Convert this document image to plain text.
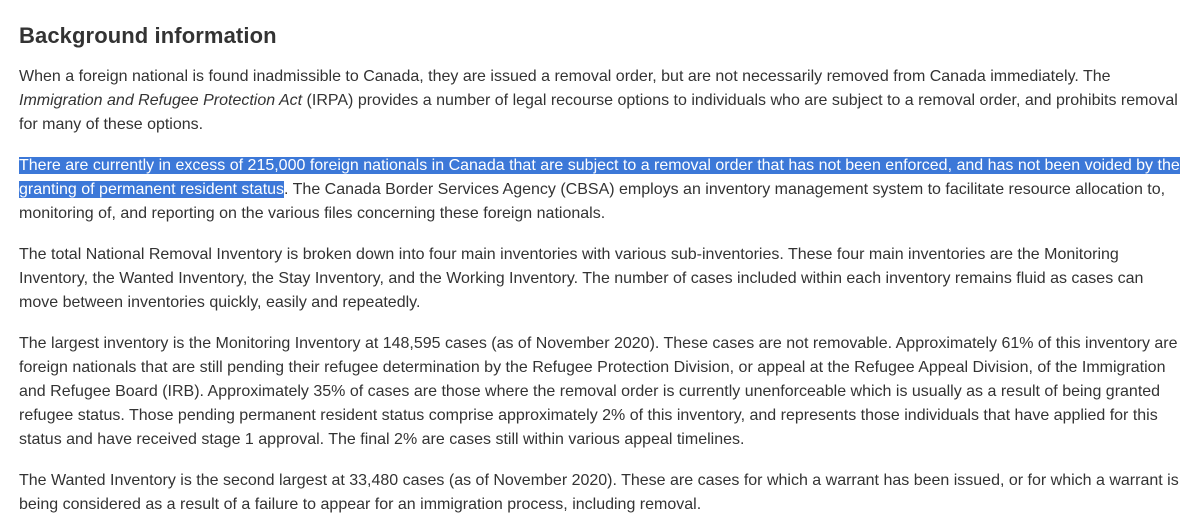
Background information

When a foreign national is found inadmissible to Canada, they are issued a removal order, but are not necessarily removed from Canada immediately. The Immigration and Refugee Protection Act (IRPA) provides a number of legal recourse options to individuals who are subject to a removal order, and prohibits removal for many of these options.

There are currently in excess of 215,000 foreign nationals in Canada that are subject to a removal order that has not been enforced, and has not been voided by the granting of permanent resident status. The Canada Border Services Agency (CBSA) employs an inventory management system to facilitate resource allocation to, monitoring of, and reporting on the various files concerning these foreign nationals.

The total National Removal Inventory is broken down into four main inventories with various sub-inventories. These four main inventories are the Monitoring Inventory, the Wanted Inventory, the Stay Inventory, and the Working Inventory. The number of cases included within each inventory remains fluid as cases can move between inventories quickly, easily and repeatedly.

The largest inventory is the Monitoring Inventory at 148,595 cases (as of November 2020). These cases are not removable. Approximately 61% of this inventory are foreign nationals that are still pending their refugee determination by the Refugee Protection Division, or appeal at the Refugee Appeal Division, of the Immigration and Refugee Board (IRB). Approximately 35% of cases are those where the removal order is currently unenforceable which is usually as a result of being granted refugee status. Those pending permanent resident status comprise approximately 2% of this inventory, and represents those individuals that have applied for this status and have received stage 1 approval. The final 2% are cases still within various appeal timelines.

The Wanted Inventory is the second largest at 33,480 cases (as of November 2020). These are cases for which a warrant has been issued, or for which a warrant is being considered as a result of a failure to appear for an immigration process, including removal.
